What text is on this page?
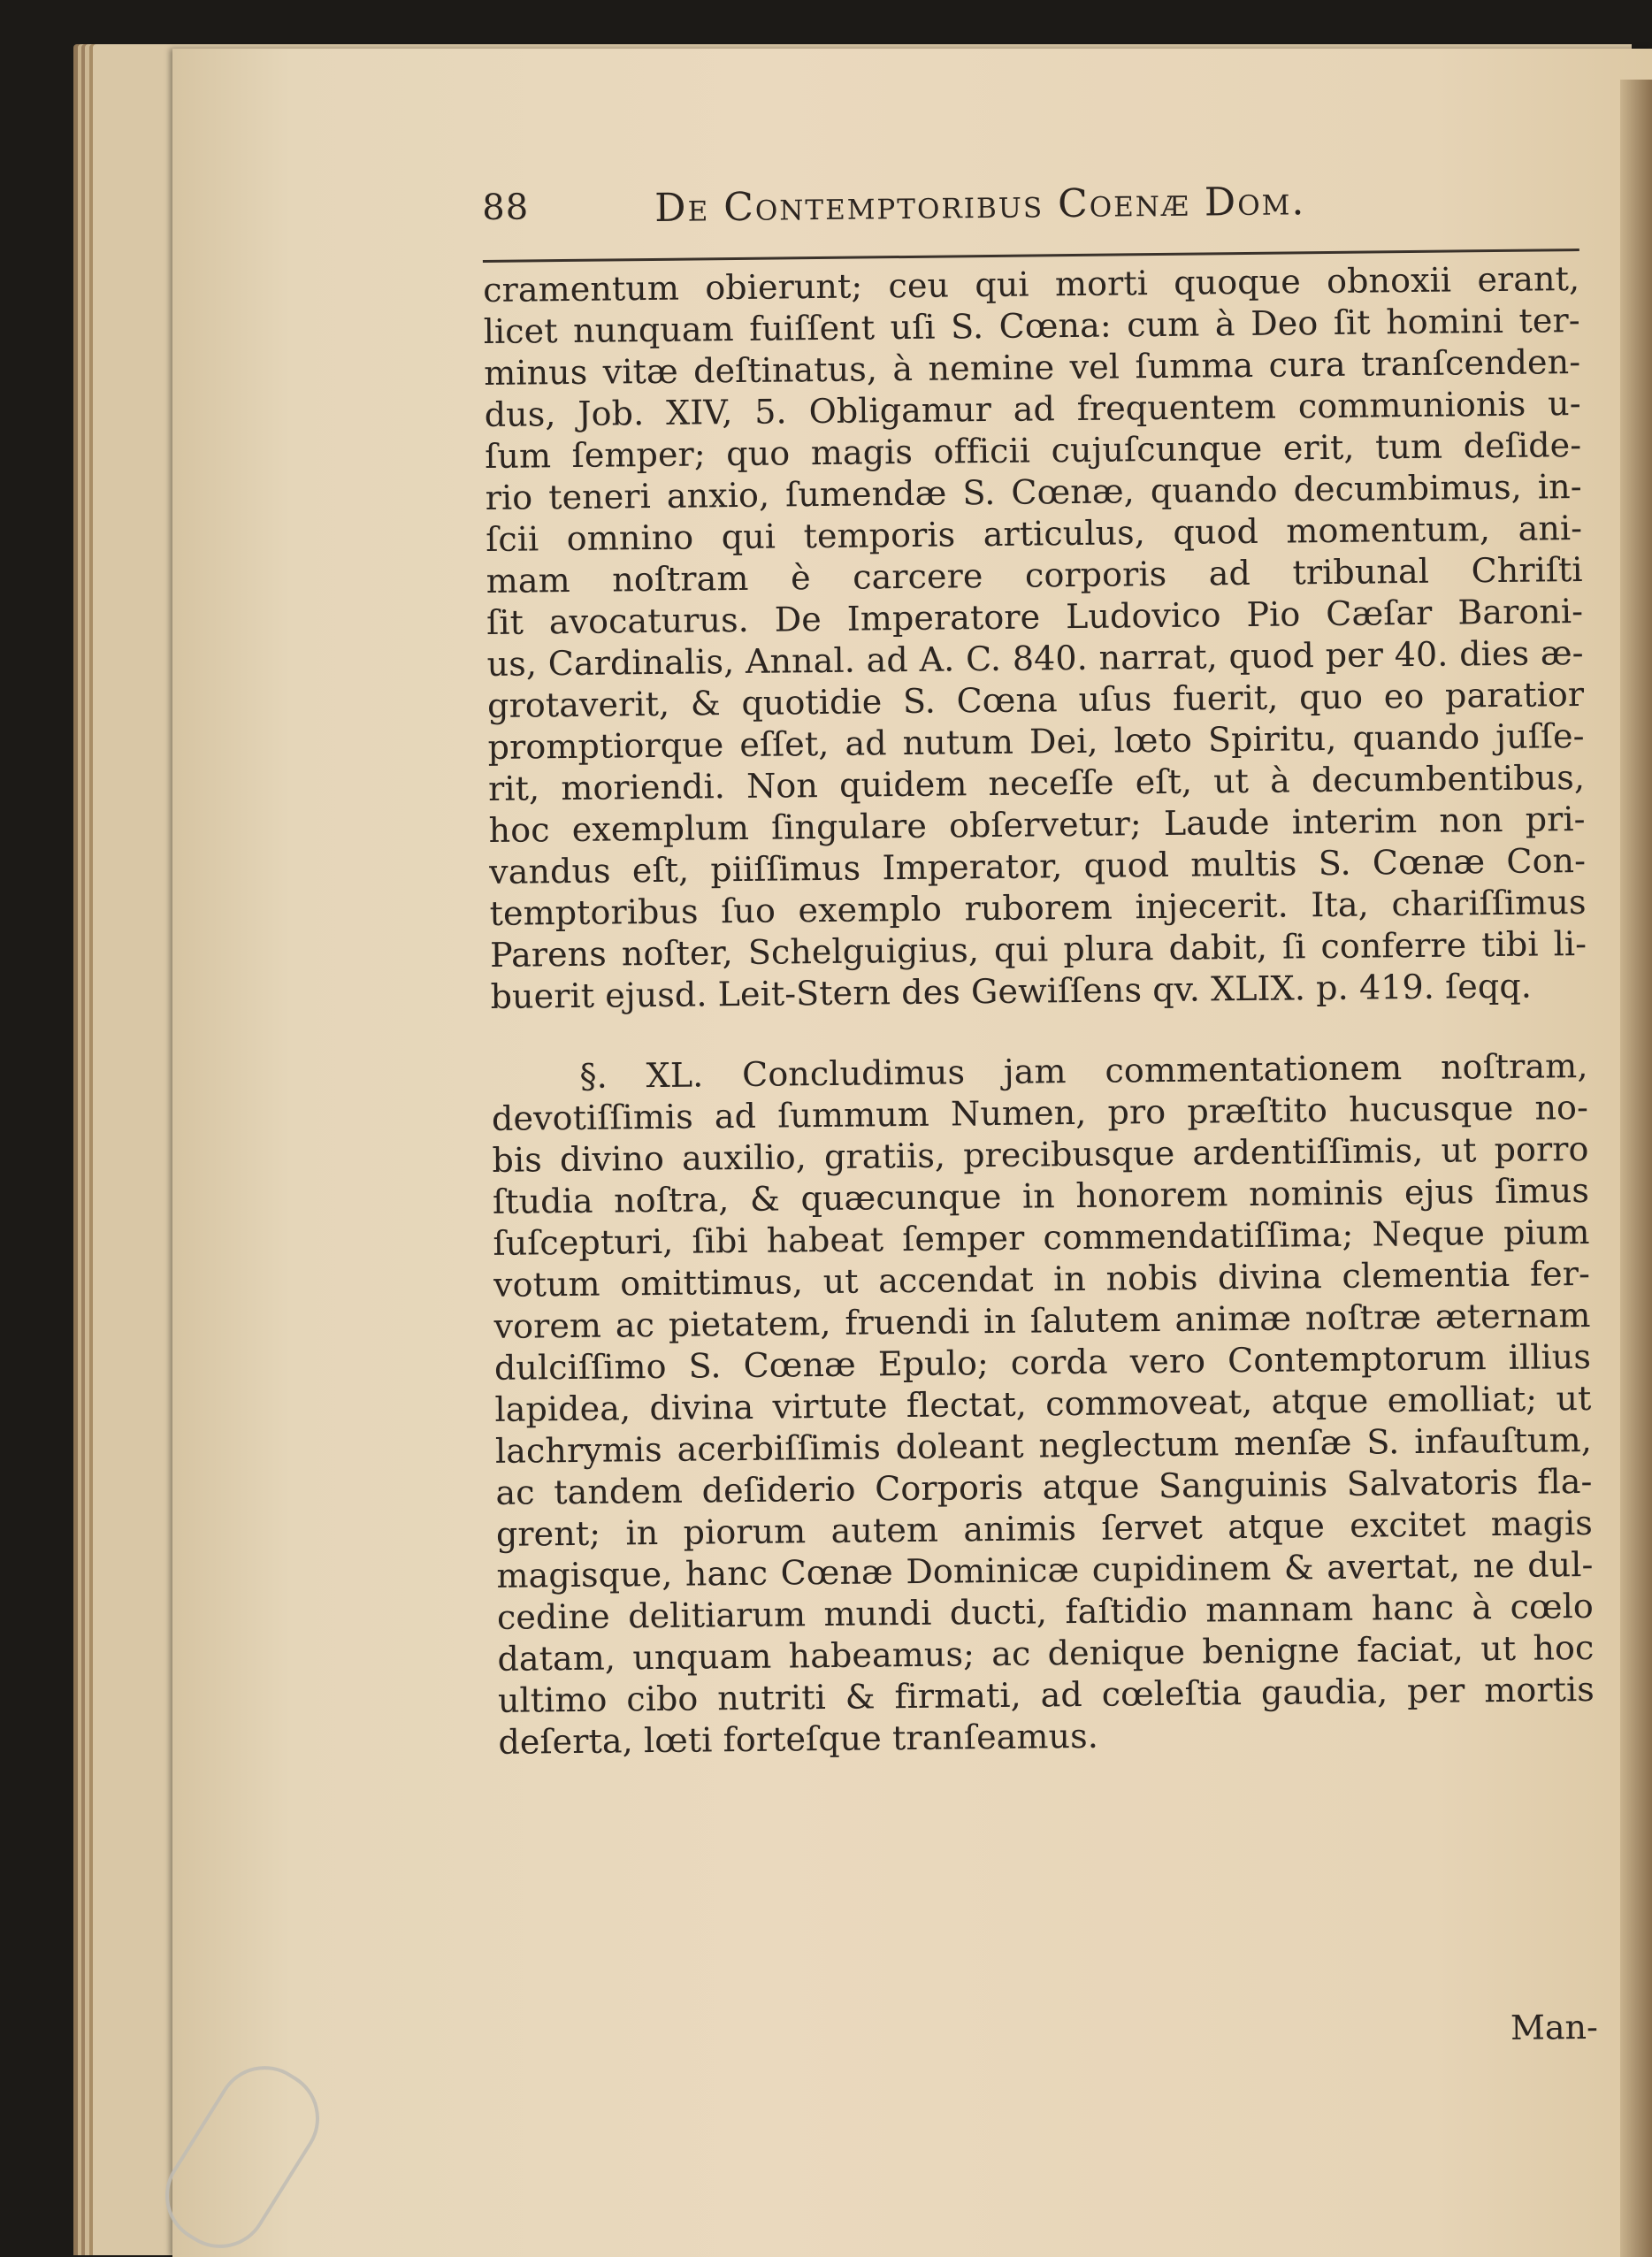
88	De Contemptoribus Coenæ Dom.
cramentum obierunt; ceu qui morti quoque obnoxii erant,
licet nunquam fuiſſent uſi S. Cœna: cum à Deo ſit homini ter-
minus vitæ deſtinatus, à nemine vel ſumma cura tranſcenden-
dus, Job. XIV, 5. Obligamur ad frequentem communionis u-
ſum ſemper; quo magis officii cujuſcunque erit, tum deſide-
rio teneri anxio, ſumendæ S. Cœnæ, quando decumbimus, in-
ſcii omnino qui temporis articulus, quod momentum, ani-
mam noſtram è carcere corporis ad tribunal Chriſti
ſit avocaturus. De Imperatore Ludovico Pio Cæſar Baroni-
us, Cardinalis, Annal. ad A. C. 840. narrat, quod per 40. dies æ-
grotaverit, & quotidie S. Cœna uſus fuerit, quo eo paratior
promptiorque eſſet, ad nutum Dei, lœto Spiritu, quando juſſe-
rit, moriendi. Non quidem neceſſe eſt, ut à decumbentibus,
hoc exemplum ſingulare obſervetur; Laude interim non pri-
vandus eſt, piiſſimus Imperator, quod multis S. Cœnæ Con-
temptoribus ſuo exemplo ruborem injecerit. Ita, chariſſimus
Parens noſter, Schelguigius, qui plura dabit, ſi conferre tibi li-
buerit ejusd. Leit-Stern des Gewiſſens qv. XLIX. p. 419. ſeqq.
§. XL. Concludimus jam commentationem noſtram,
devotiſſimis ad ſummum Numen, pro præſtito hucusque no-
bis divino auxilio, gratiis, precibusque ardentiſſimis, ut porro
ſtudia noſtra, & quæcunque in honorem nominis ejus ſimus
ſuſcepturi, ſibi habeat ſemper commendatiſſima; Neque pium
votum omittimus, ut accendat in nobis divina clementia fer-
vorem ac pietatem, fruendi in ſalutem animæ noſtræ æternam
dulciſſimo S. Cœnæ Epulo; corda vero Contemptorum illius
lapidea, divina virtute flectat, commoveat, atque emolliat; ut
lachrymis acerbiſſimis doleant neglectum menſæ S. infauſtum,
ac tandem deſiderio Corporis atque Sanguinis Salvatoris fla-
grent; in piorum autem animis ſervet atque excitet magis
magisque, hanc Cœnæ Dominicæ cupidinem & avertat, ne dul-
cedine delitiarum mundi ducti, faſtidio mannam hanc à cœlo
datam, unquam habeamus; ac denique benigne faciat, ut hoc
ultimo cibo nutriti & firmati, ad cœleſtia gaudia, per mortis
deſerta, lœti forteſque tranſeamus.
Man-
